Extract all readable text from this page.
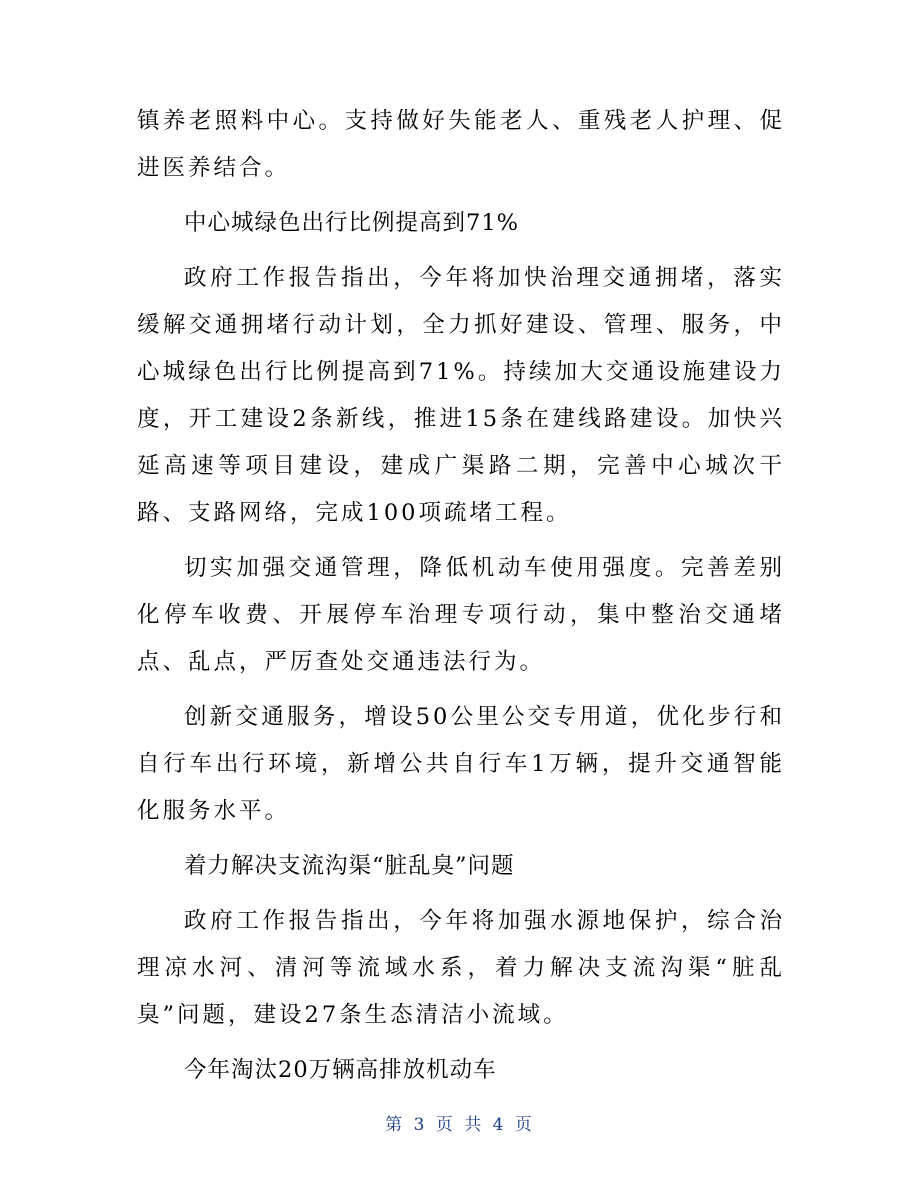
镇养老照料中心。支持做好失能老人、重残老人护理、促进医养结合。

中心城绿色出行比例提高到71%

政府工作报告指出，今年将加快治理交通拥堵，落实缓解交通拥堵行动计划，全力抓好建设、管理、服务，中心城绿色出行比例提高到71%。持续加大交通设施建设力度，开工建设2条新线，推进15条在建线路建设。加快兴延高速等项目建设，建成广渠路二期，完善中心城次干路、支路网络，完成100项疏堵工程。

切实加强交通管理，降低机动车使用强度。完善差别化停车收费、开展停车治理专项行动，集中整治交通堵点、乱点，严厉查处交通违法行为。

创新交通服务，增设50公里公交专用道，优化步行和自行车出行环境，新增公共自行车1万辆，提升交通智能化服务水平。

着力解决支流沟渠“脏乱臭”问题

政府工作报告指出，今年将加强水源地保护，综合治理凉水河、清河等流域水系，着力解决支流沟渠“脏乱臭”问题，建设27条生态清洁小流域。

今年淘汰20万辆高排放机动车

第 3 页 共 4 页
